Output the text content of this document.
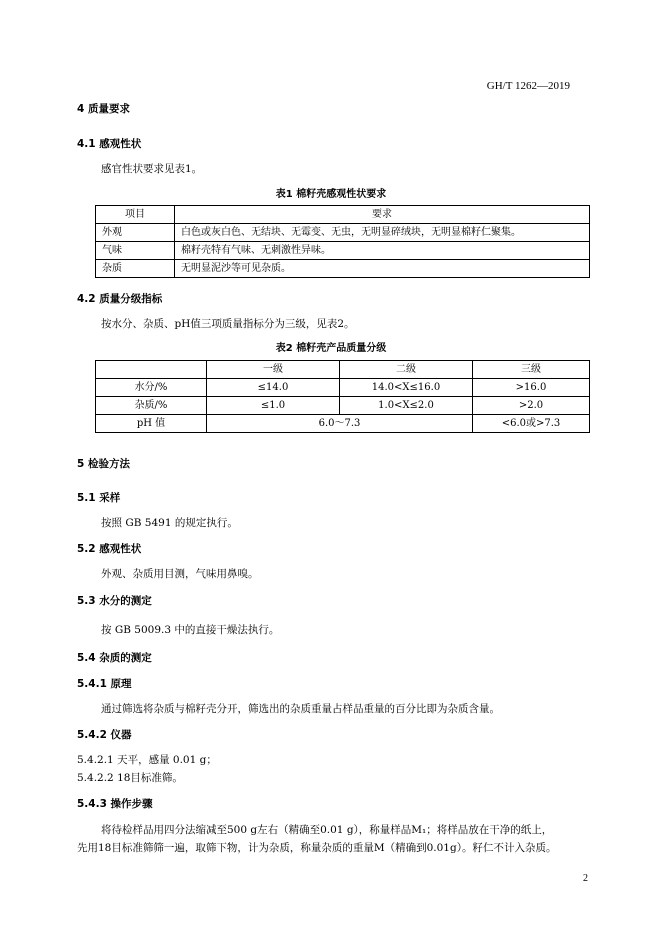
GH/T 1262—2019
4 质量要求
4.1 感观性状
感官性状要求见表1。
表1 棉籽壳感观性状要求
项目	要求
外观	白色或灰白色、无结块、无霉变、无虫，无明显碎绒块，无明显棉籽仁聚集。
气味	棉籽壳特有气味、无刺激性异味。
杂质	无明显泥沙等可见杂质。
4.2 质量分级指标
按水分、杂质、pH值三项质量指标分为三级，见表2。
表2 棉籽壳产品质量分级
	一级	二级	三级
水分/%	≤14.0	14.0<X≤16.0	>16.0
杂质/%	≤1.0	1.0<X≤2.0	>2.0
pH 值	6.0～7.3		<6.0或>7.3
5 检验方法
5.1 采样
按照 GB 5491 的规定执行。
5.2 感观性状
外观、杂质用目测，气味用鼻嗅。
5.3 水分的测定
按 GB 5009.3 中的直接干燥法执行。
5.4 杂质的测定
5.4.1 原理
通过筛选将杂质与棉籽壳分开，筛选出的杂质重量占样品重量的百分比即为杂质含量。
5.4.2 仪器
5.4.2.1 天平，感量 0.01 g；
5.4.2.2 18目标准筛。
5.4.3 操作步骤
将待检样品用四分法缩减至500 g左右（精确至0.01 g），称量样品M₁；将样品放在干净的纸上，
先用18目标准筛筛一遍，取筛下物，计为杂质，称量杂质的重量M（精确到0.01g）。籽仁不计入杂质。
2
